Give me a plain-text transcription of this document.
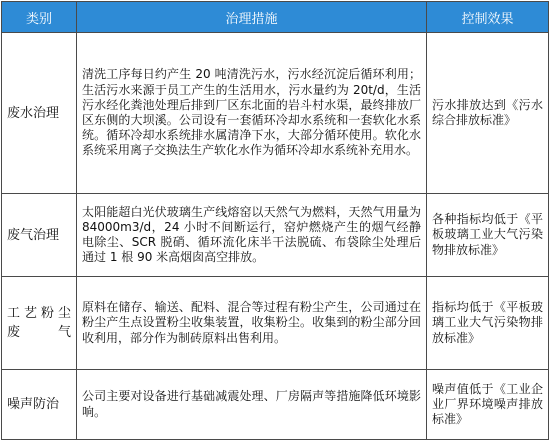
类别	治理措施	控制效果
废水治理	清洗工序每日约产生 20 吨清洗污水，污水经沉淀后循环利用；生活污水来源于员工产生的生活用水，污水量约为 20t/d，生活污水经化粪池处理后排到厂区东北面的岩斗村水渠，最终排放厂区东侧的大坝溪。公司设有一套循环冷却水系统和一套软化水系统。循环冷却水系统排水属清净下水，大部分循环使用。软化水系统采用离子交换法生产软化水作为循环冷却水系统补充用水。	污水排放达到《污水综合排放标准》
废气治理	太阳能超白光伏玻璃生产线熔窑以天然气为燃料，天然气用量为 84000m3/d，24 小时不间断运行，窑炉燃烧产生的烟气经静电除尘、SCR 脱硝、循环流化床半干法脱硫、布袋除尘处理后通过 1 根 90 米高烟囱高空排放。	各种指标均低于《平板玻璃工业大气污染物排放标准》
工艺粉尘废气	原料在储存、输送、配料、混合等过程有粉尘产生，公司通过在粉尘产生点设置粉尘收集装置，收集粉尘。收集到的粉尘部分回收利用，部分作为制砖原料出售利用。	指标均低于《平板玻璃工业大气污染物排放标准》
噪声防治	公司主要对设备进行基础减震处理、厂房隔声等措施降低环境影响。	噪声值低于《工业企业厂界环境噪声排放标准》
